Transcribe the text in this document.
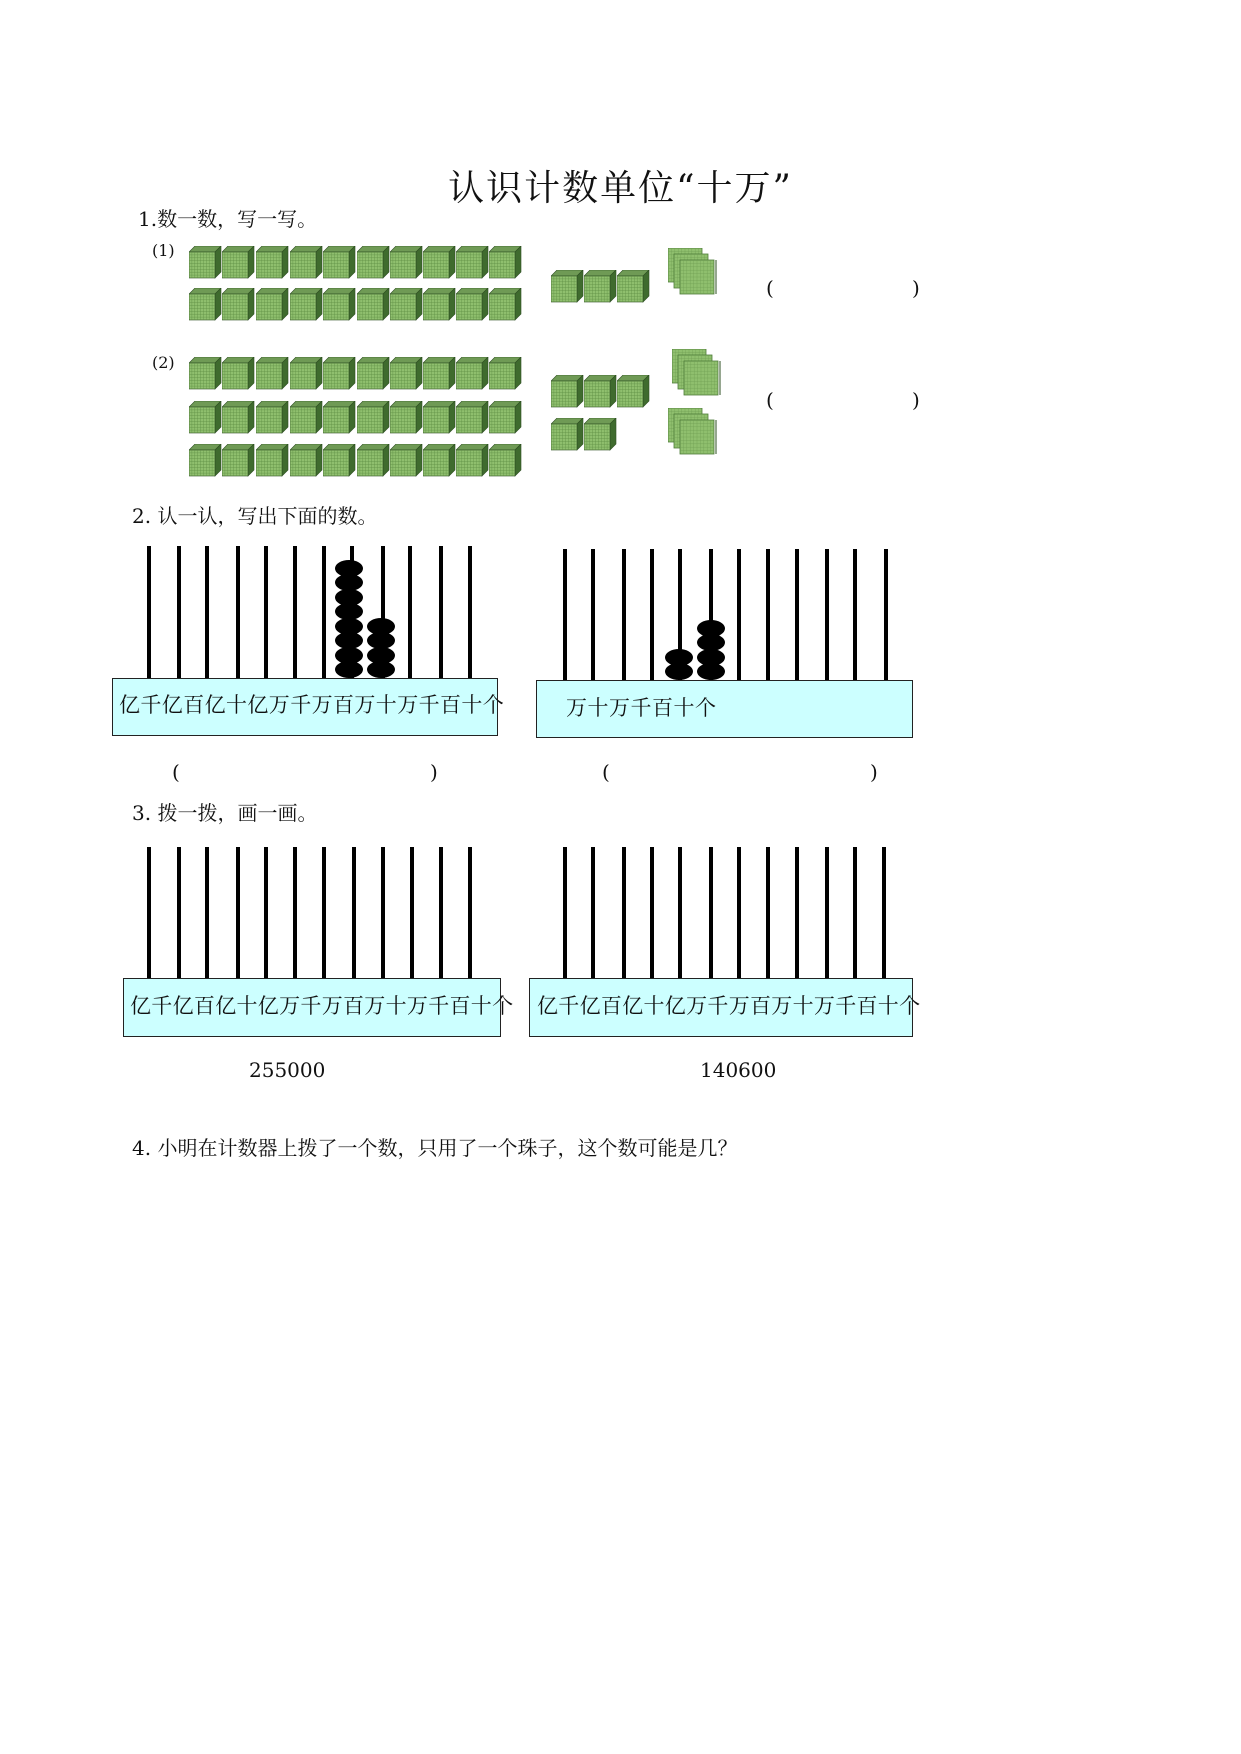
认识计数单位“十万”
1.数一数，写一写。
(1)
(2)
(	)
(	)
2. 认一认，写出下面的数。
亿千亿百亿十亿万千万百万十万千百十个	万十万千百十个
(	)	(	)
3. 拨一拨，画一画。
亿千亿百亿十亿万千万百万十万千百十个 亿千亿百亿十亿万千万百万十万千百十个
255000	140600
4. 小明在计数器上拨了一个数，只用了一个珠子，这个数可能是几？
